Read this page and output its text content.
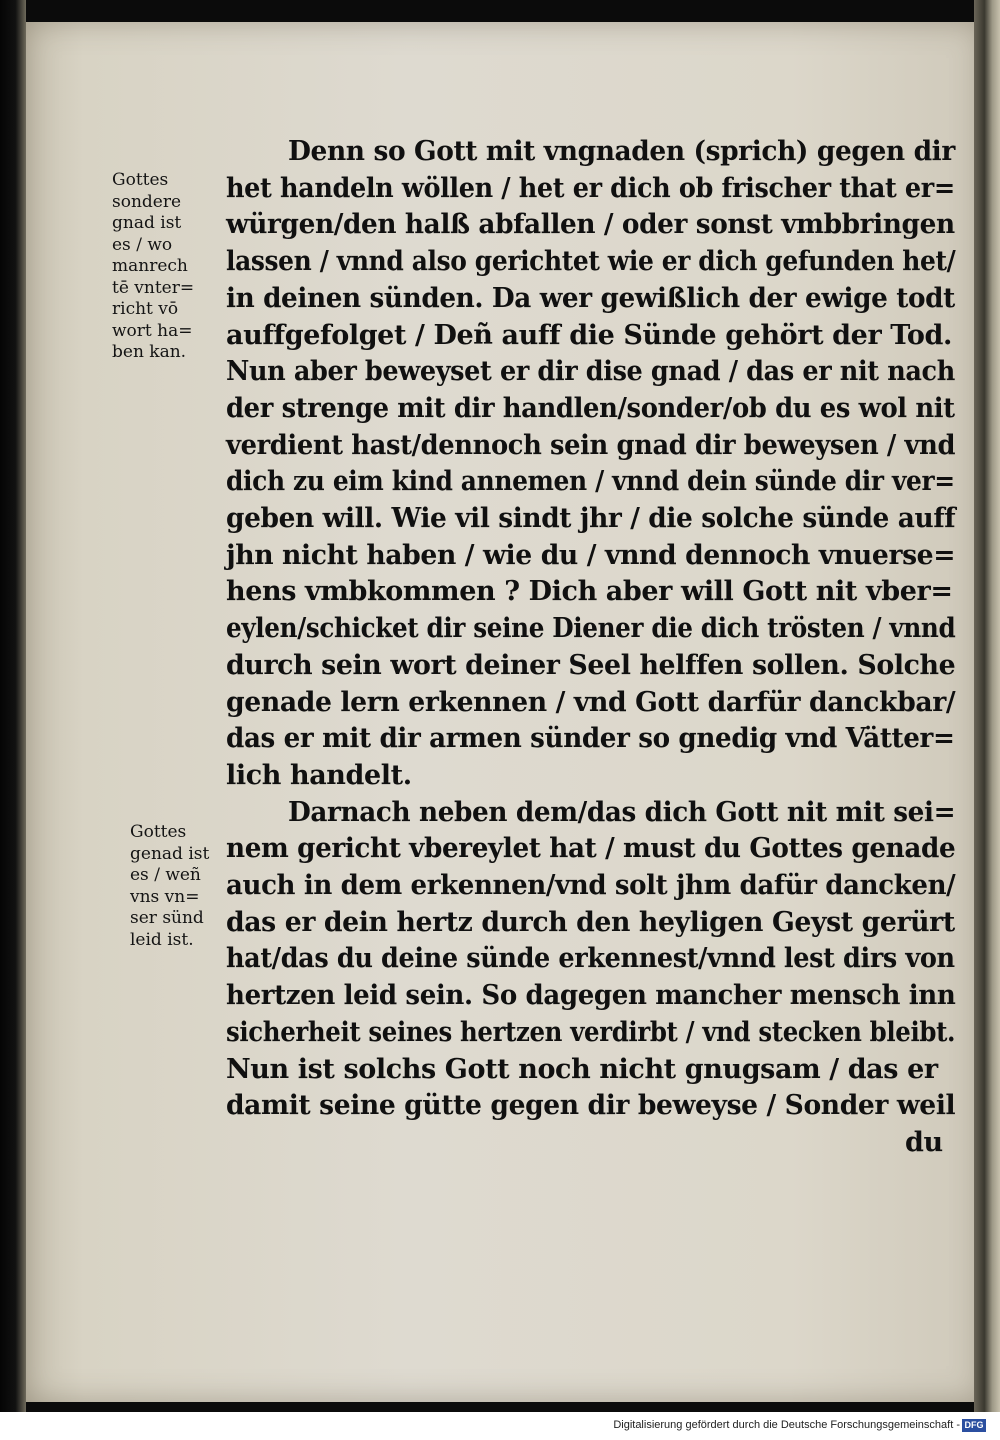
Gottes
sondere
gnad ist
es / wo
manrech
tē vnter=
richt vō
wort ha=
ben kan.
Gottes
genad ist
es / weñ
vns vn=
ser sünd
leid ist.
Denn so Gott mit vngnaden (sprich) gegen dir
het handeln wöllen / het er dich ob frischer that er=
würgen/den halß abfallen / oder sonst vmbbringen
lassen / vnnd also gerichtet wie er dich gefunden het/
in deinen sünden. Da wer gewißlich der ewige todt
auffgefolget / Deñ auff die Sünde gehört der Tod.
Nun aber beweyset er dir dise gnad / das er nit nach
der strenge mit dir handlen/sonder/ob du es wol nit
verdient hast/dennoch sein gnad dir beweysen / vnd
dich zu eim kind annemen / vnnd dein sünde dir ver=
geben will. Wie vil sindt jhr / die solche sünde auff
jhn nicht haben / wie du / vnnd dennoch vnuerse=
hens vmbkommen ? Dich aber will Gott nit vber=
eylen/schicket dir seine Diener die dich trösten / vnnd
durch sein wort deiner Seel helffen sollen. Solche
genade lern erkennen / vnd Gott darfür danckbar/
das er mit dir armen sünder so gnedig vnd Vätter=
lich handelt.
Darnach neben dem/das dich Gott nit mit sei=
nem gericht vbereylet hat / must du Gottes genade
auch in dem erkennen/vnd solt jhm dafür dancken/
das er dein hertz durch den heyligen Geyst gerürt
hat/das du deine sünde erkennest/vnnd lest dirs von
hertzen leid sein. So dagegen mancher mensch inn
sicherheit seines hertzen verdirbt / vnd stecken bleibt.
Nun ist solchs Gott noch nicht gnugsam / das er
damit seine gütte gegen dir beweyse / Sonder weil
du
Digitalisierung gefördert durch die Deutsche Forschungsgemeinschaft - DFG
